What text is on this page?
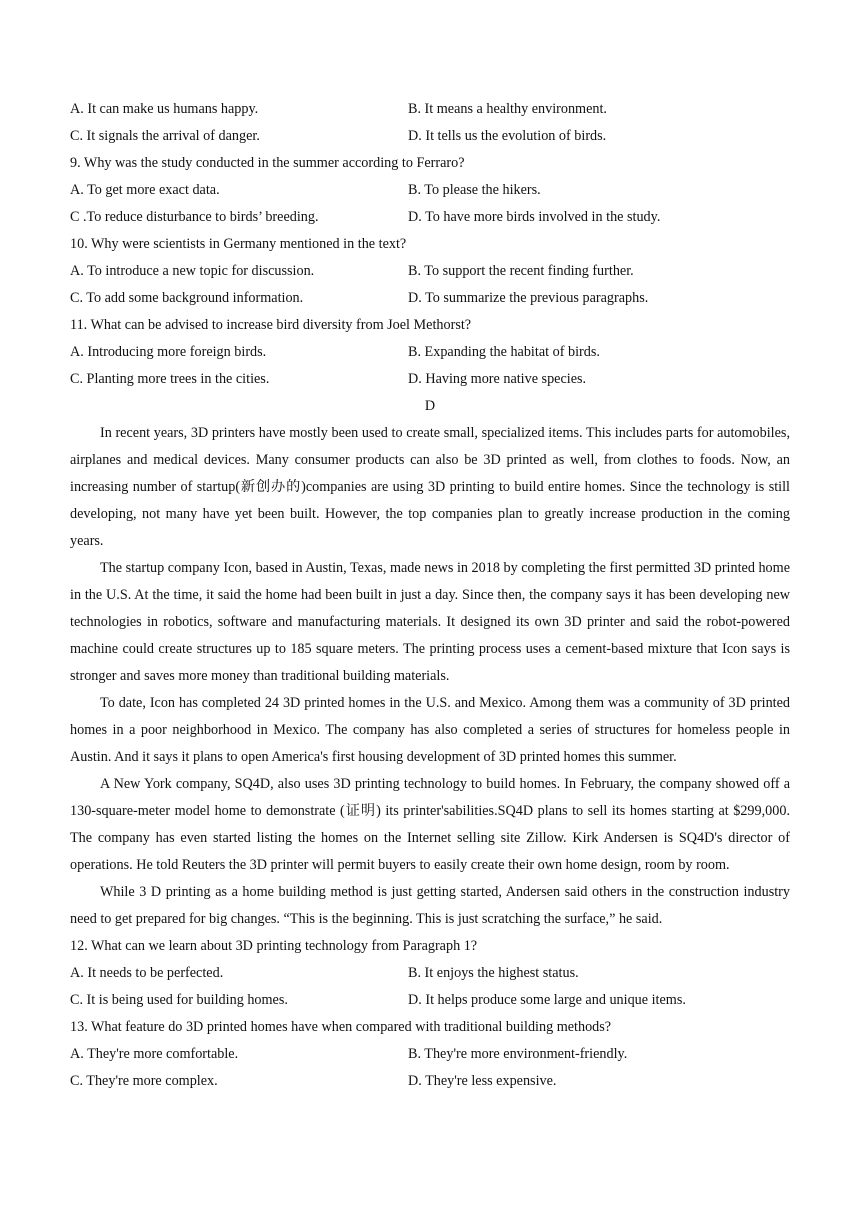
A. It can make us humans happy.	B. It means a healthy environment.
C. It signals the arrival of danger.	D. It tells us the evolution of birds.
9. Why was the study conducted in the summer according to Ferraro?
A. To get more exact data.	B. To please the hikers.
C .To reduce disturbance to birds’ breeding.	D. To have more birds involved in the study.
10. Why were scientists in Germany mentioned in the text?
A. To introduce a new topic for discussion.	B. To support the recent finding further.
C. To add some background information.	D. To summarize the previous paragraphs.
11. What can be advised to increase bird diversity from Joel Methorst?
A. Introducing more foreign birds.	B. Expanding the habitat of birds.
C. Planting more trees in the cities.	D. Having more native species.
D

In recent years, 3D printers have mostly been used to create small, specialized items. This includes parts for automobiles, airplanes and medical devices. Many consumer products can also be 3D printed as well, from clothes to foods. Now, an increasing number of startup(新创办的)companies are using 3D printing to build entire homes. Since the technology is still developing, not many have yet been built. However, the top companies plan to greatly increase production in the coming years.

The startup company Icon, based in Austin, Texas, made news in 2018 by completing the first permitted 3D printed home in the U.S. At the time, it said the home had been built in just a day. Since then, the company says it has been developing new technologies in robotics, software and manufacturing materials. It designed its own 3D printer and said the robot-powered machine could create structures up to 185 square meters. The printing process uses a cement-based mixture that Icon says is stronger and saves more money than traditional building materials.

To date, Icon has completed 24 3D printed homes in the U.S. and Mexico. Among them was a community of 3D printed homes in a poor neighborhood in Mexico. The company has also completed a series of structures for homeless people in Austin. And it says it plans to open America's first housing development of 3D printed homes this summer.

A New York company, SQ4D, also uses 3D printing technology to build homes. In February, the company showed off a 130-square-meter model home to demonstrate (证明) its printer'sabilities.SQ4D plans to sell its homes starting at $299,000. The company has even started listing the homes on the Internet selling site Zillow. Kirk Andersen is SQ4D's director of operations. He told Reuters the 3D printer will permit buyers to easily create their own home design, room by room.

While 3 D printing as a home building method is just getting started, Andersen said others in the construction industry need to get prepared for big changes. “This is the beginning. This is just scratching the surface,” he said.

12. What can we learn about 3D printing technology from Paragraph 1?
A. It needs to be perfected.	B. It enjoys the highest status.
C. It is being used for building homes.	D. It helps produce some large and unique items.
13. What feature do 3D printed homes have when compared with traditional building methods?
A. They're more comfortable.	B. They're more environment-friendly.
C. They're more complex.	D. They're less expensive.
